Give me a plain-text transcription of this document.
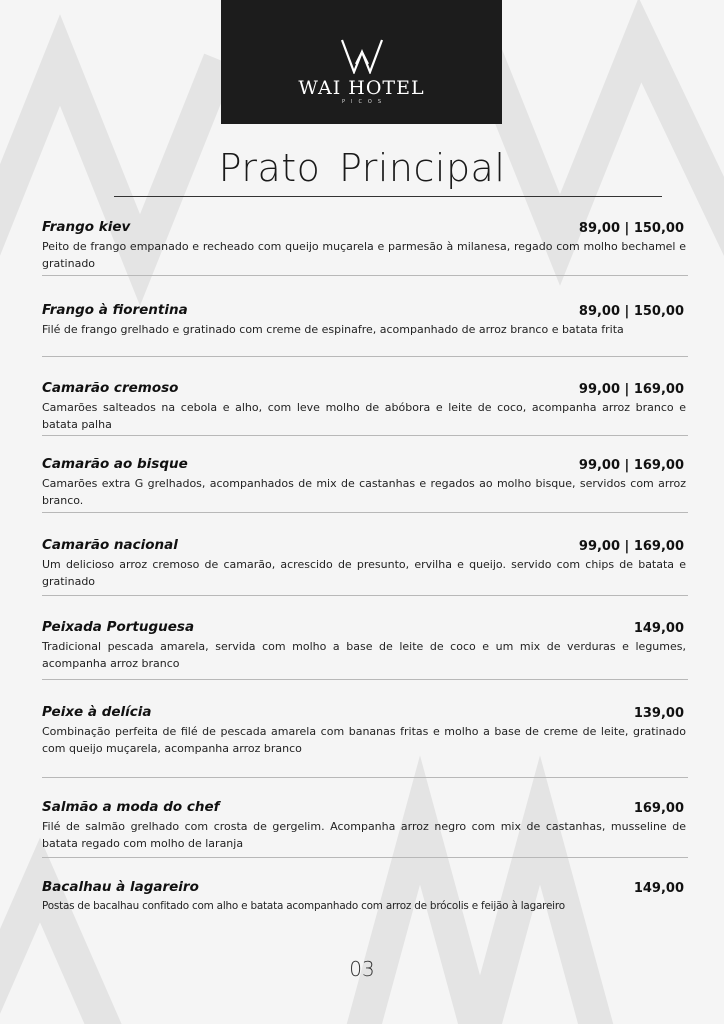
WAI HOTEL
PICOS
Prato Principal
Frango kiev	89,00 | 150,00
Peito de frango empanado e recheado com queijo muçarela e parmesão à milanesa, regado com molho bechamel e gratinado
Frango à fiorentina	89,00 | 150,00
Filé de frango grelhado e gratinado com creme de espinafre, acompanhado de arroz branco e batata frita
Camarão cremoso	99,00 | 169,00
Camarões salteados na cebola e alho, com leve molho de abóbora e leite de coco, acompanha arroz branco e batata palha
Camarão ao bisque	99,00 | 169,00
Camarões extra G grelhados, acompanhados de mix de castanhas e regados ao molho bisque, servidos com arroz branco.
Camarão nacional	99,00 | 169,00
Um delicioso arroz cremoso de camarão, acrescido de presunto, ervilha e queijo. servido com chips de batata e gratinado
Peixada Portuguesa	149,00
Tradicional pescada amarela, servida com molho a base de leite de coco e um mix de verduras e legumes, acompanha arroz branco
Peixe à delícia	139,00
Combinação perfeita de filé de pescada amarela com bananas fritas e molho a base de creme de leite, gratinado com queijo muçarela, acompanha arroz branco
Salmão a moda do chef	169,00
Filé de salmão grelhado com crosta de gergelim. Acompanha arroz negro com mix de castanhas, musseline de batata regado com molho de laranja
Bacalhau à lagareiro	149,00
Postas de bacalhau confitado com alho e batata acompanhado com arroz de brócolis e feijão à lagareiro
03
